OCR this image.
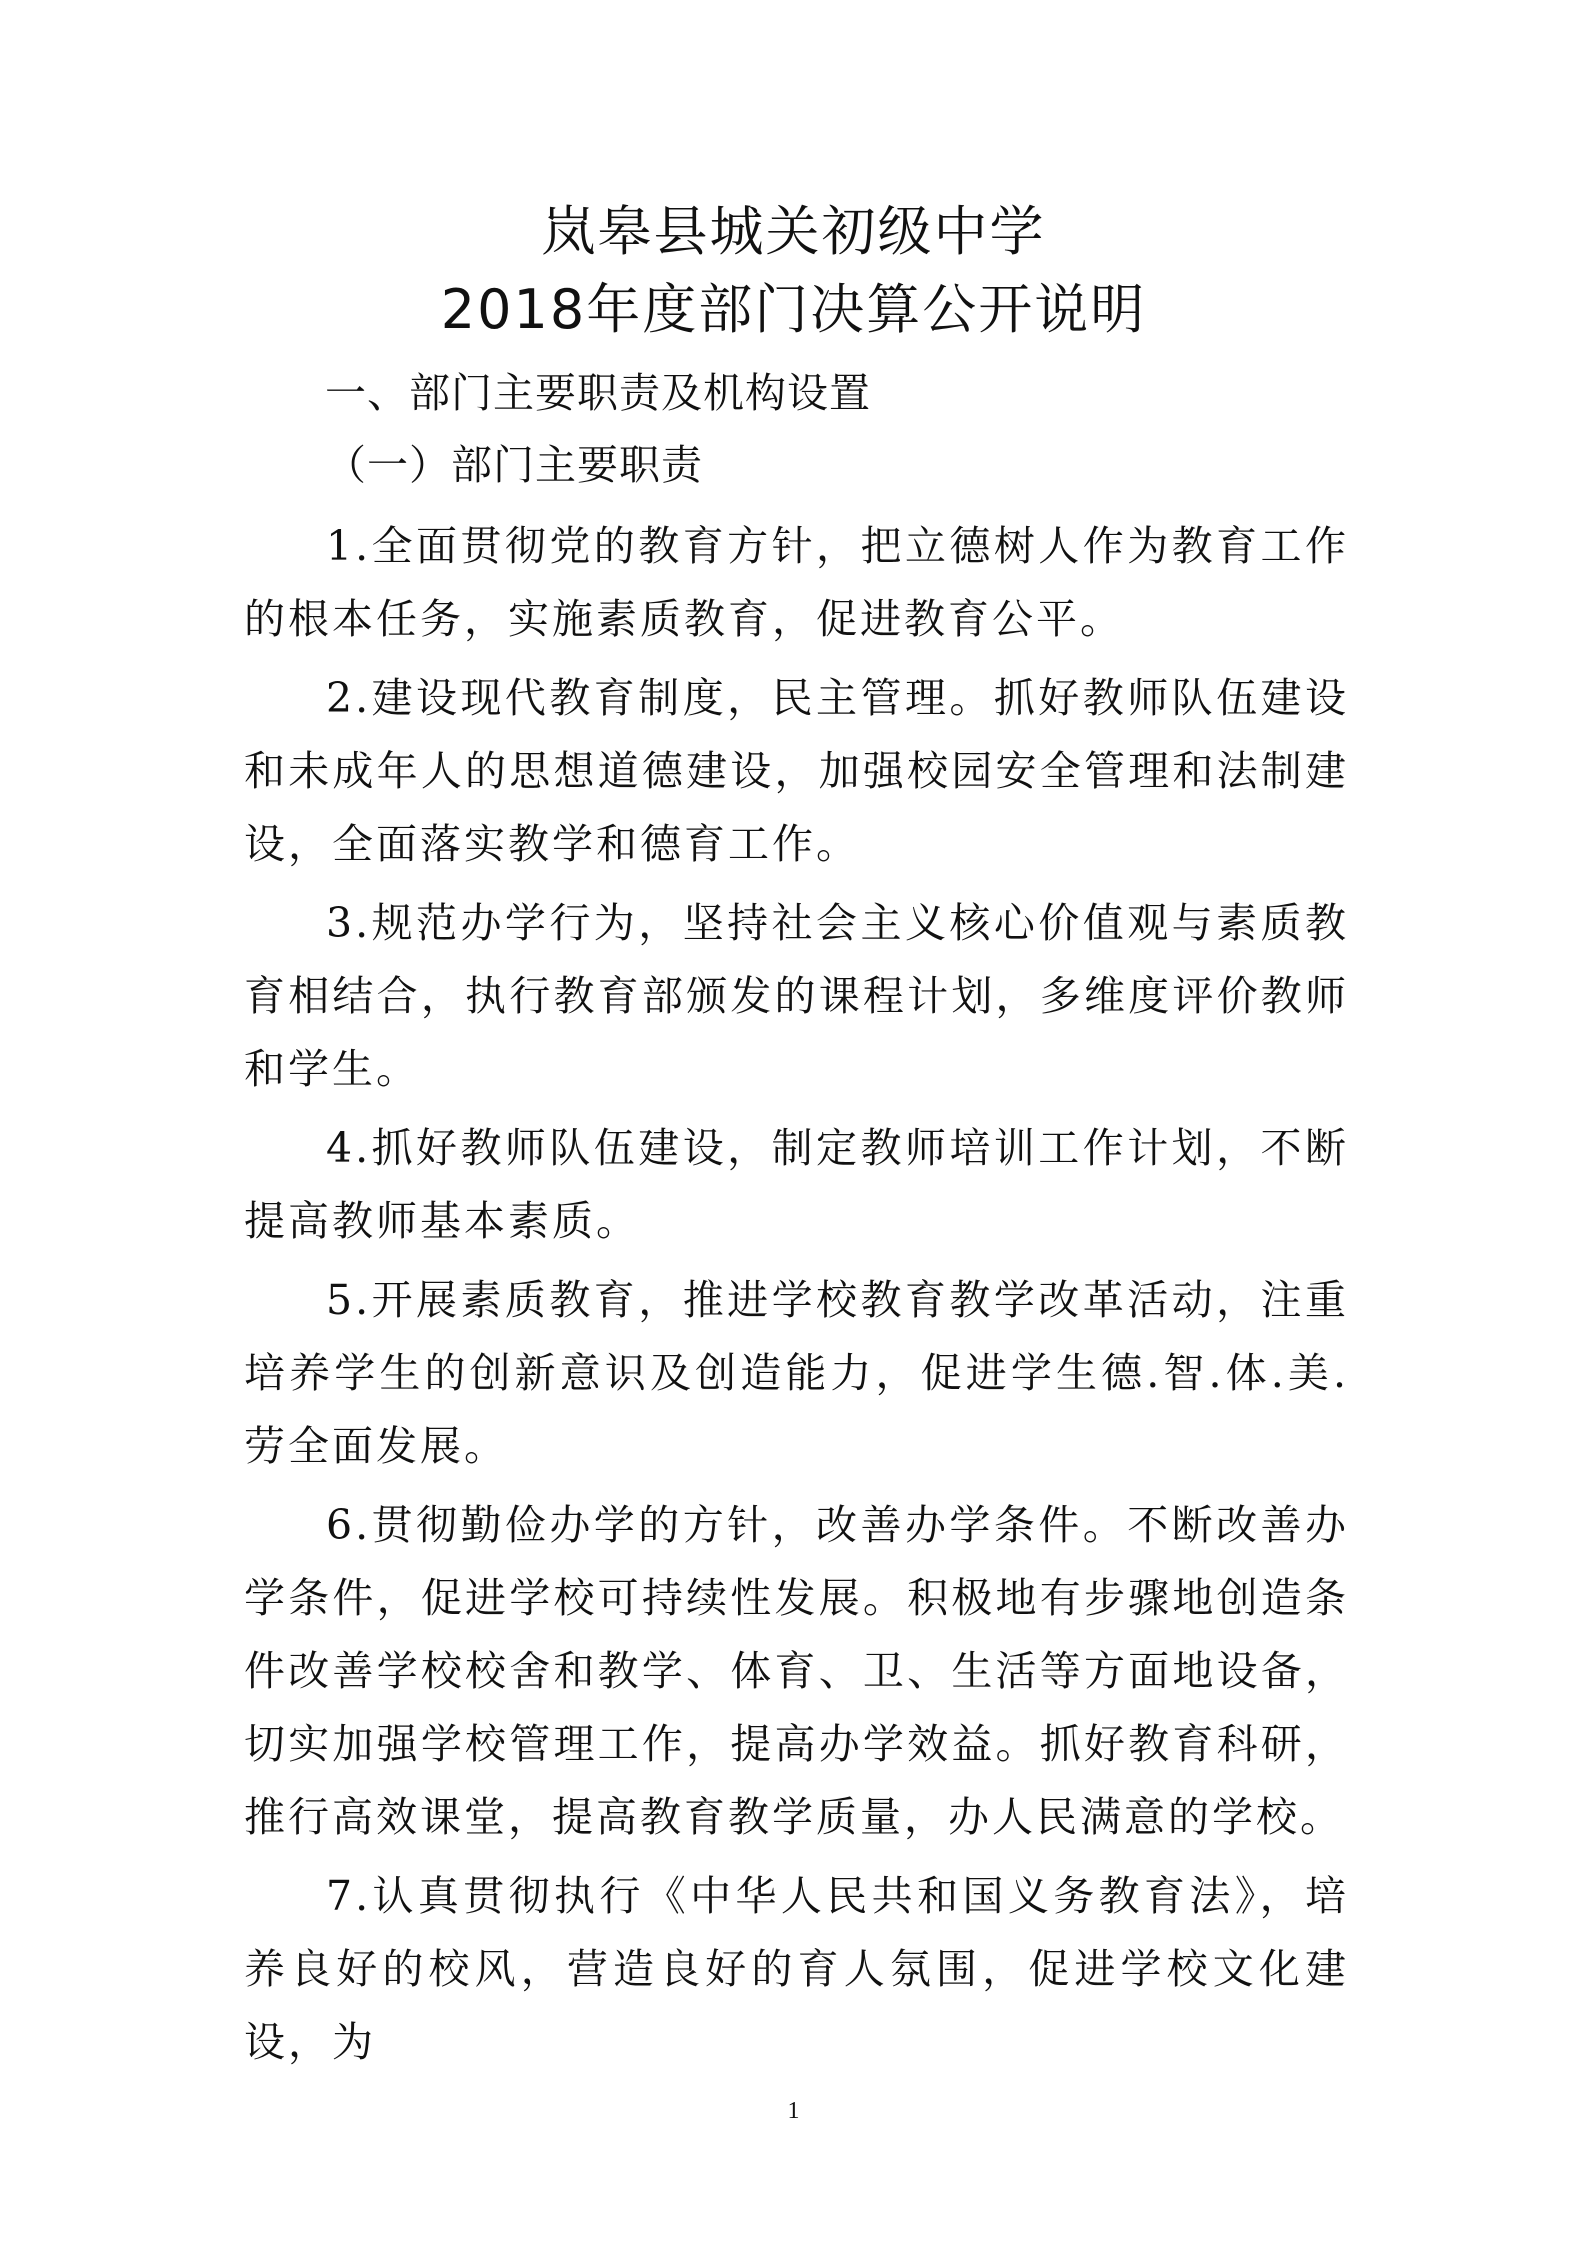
岚皋县城关初级中学
2018年度部门决算公开说明
一、部门主要职责及机构设置
（一）部门主要职责

1.全面贯彻党的教育方针，把立德树人作为教育工作的根本任务，实施素质教育，促进教育公平。

2.建设现代教育制度，民主管理。抓好教师队伍建设和未成年人的思想道德建设，加强校园安全管理和法制建设，全面落实教学和德育工作。

3.规范办学行为，坚持社会主义核心价值观与素质教育相结合，执行教育部颁发的课程计划，多维度评价教师和学生。

4.抓好教师队伍建设，制定教师培训工作计划，不断提高教师基本素质。

5.开展素质教育，推进学校教育教学改革活动，注重培养学生的创新意识及创造能力，促进学生德.智.体.美.劳全面发展。

6.贯彻勤俭办学的方针，改善办学条件。不断改善办学条件，促进学校可持续性发展。积极地有步骤地创造条件改善学校校舍和教学、体育、卫、生活等方面地设备，切实加强学校管理工作，提高办学效益。抓好教育科研，推行高效课堂，提高教育教学质量，办人民满意的学校。

7.认真贯彻执行《中华人民共和国义务教育法》，培养良好的校风，营造良好的育人氛围，促进学校文化建设，为

1
